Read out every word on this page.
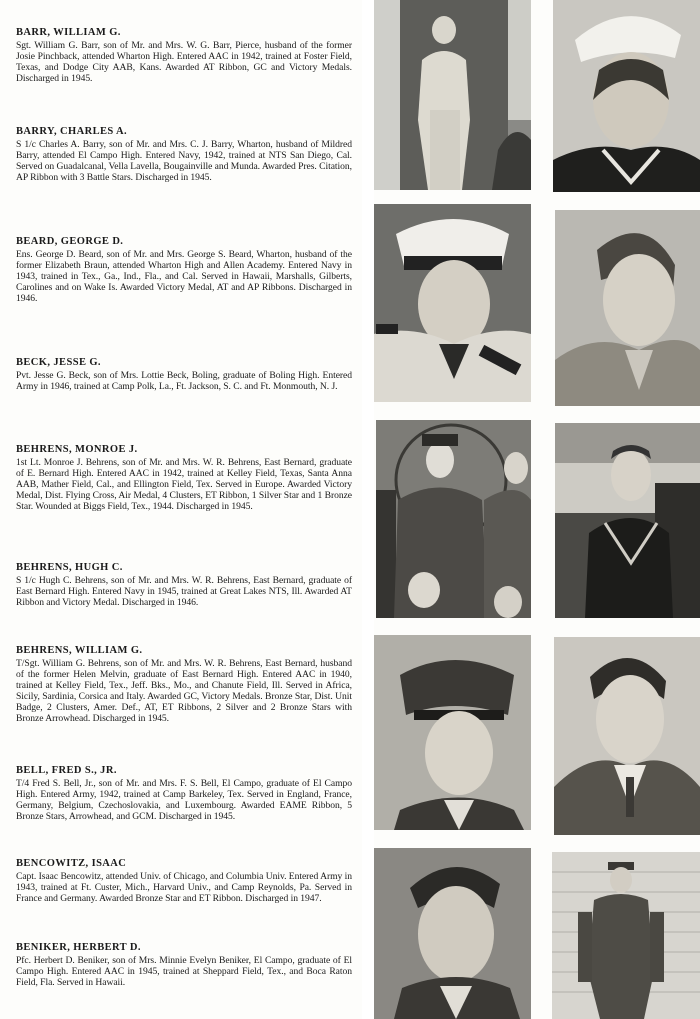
BARR, WILLIAM G.

Sgt. William G. Barr, son of Mr. and Mrs. W. G. Barr, Pierce, husband of the former Josie Pinchback, attended Wharton High. Entered AAC in 1942, trained at Foster Field, Texas, and Dodge City AAB, Kans. Awarded AT Ribbon, GC and Victory Medals. Discharged in 1945.

BARRY, CHARLES A.

S 1/c Charles A. Barry, son of Mr. and Mrs. C. J. Barry, Wharton, husband of Mildred Barry, attended El Campo High. Entered Navy, 1942, trained at NTS San Diego, Cal. Served on Guadalcanal, Vella Lavella, Bougainville and Munda. Awarded Pres. Citation, AP Ribbon with 3 Battle Stars. Discharged in 1945.

BEARD, GEORGE D.

Ens. George D. Beard, son of Mr. and Mrs. George S. Beard, Wharton, husband of the former Elizabeth Braun, attended Wharton High and Allen Academy. Entered Navy in 1943, trained in Tex., Ga., Ind., Fla., and Cal. Served in Hawaii, Marshalls, Gilberts, Carolines and on Wake Is. Awarded Victory Medal, AT and AP Ribbons. Discharged in 1946.

BECK, JESSE G.

Pvt. Jesse G. Beck, son of Mrs. Lottie Beck, Boling, graduate of Boling High. Entered Army in 1946, trained at Camp Polk, La., Ft. Jackson, S. C. and Ft. Monmouth, N. J.

BEHRENS, MONROE J.

1st Lt. Monroe J. Behrens, son of Mr. and Mrs. W. R. Behrens, East Bernard, graduate of E. Bernard High. Entered AAC in 1942, trained at Kelley Field, Texas, Santa Anna AAB, Mather Field, Cal., and Ellington Field, Tex. Served in Europe. Awarded Victory Medal, Dist. Flying Cross, Air Medal, 4 Clusters, ET Ribbon, 1 Silver Star and 1 Bronze Star. Wounded at Biggs Field, Tex., 1944. Discharged in 1945.

BEHRENS, HUGH C.

S 1/c Hugh C. Behrens, son of Mr. and Mrs. W. R. Behrens, East Bernard, graduate of East Bernard High. Entered Navy in 1945, trained at Great Lakes NTS, Ill. Awarded AT Ribbon and Victory Medal. Discharged in 1946.

BEHRENS, WILLIAM G.

T/Sgt. William G. Behrens, son of Mr. and Mrs. W. R. Behrens, East Bernard, husband of the former Helen Melvin, graduate of East Bernard High. Entered AAC in 1940, trained at Kelley Field, Tex., Jeff. Bks., Mo., and Chanute Field, Ill. Served in Africa, Sicily, Sardinia, Corsica and Italy. Awarded GC, Victory Medals. Bronze Star, Dist. Unit Badge, 2 Clusters, Amer. Def., AT, ET Ribbons, 2 Silver and 2 Bronze Stars with Bronze Arrowhead. Discharged in 1945.

BELL, FRED S., JR.

T/4 Fred S. Bell, Jr., son of Mr. and Mrs. F. S. Bell, El Campo, graduate of El Campo High. Entered Army, 1942, trained at Camp Barkeley, Tex. Served in England, France, Germany, Belgium, Czechoslovakia, and Luxembourg. Awarded EAME Ribbon, 5 Bronze Stars, Arrowhead, and GCM. Discharged in 1945.

BENCOWITZ, ISAAC

Capt. Isaac Bencowitz, attended Univ. of Chicago, and Columbia Univ. Entered Army in 1943, trained at Ft. Custer, Mich., Harvard Univ., and Camp Reynolds, Pa. Served in France and Germany. Awarded Bronze Star and ET Ribbon. Discharged in 1947.

BENIKER, HERBERT D.

Pfc. Herbert D. Beniker, son of Mrs. Minnie Evelyn Beniker, El Campo, graduate of El Campo High. Entered AAC in 1945, trained at Sheppard Field, Tex., and Boca Raton Field, Fla. Served in Hawaii.
